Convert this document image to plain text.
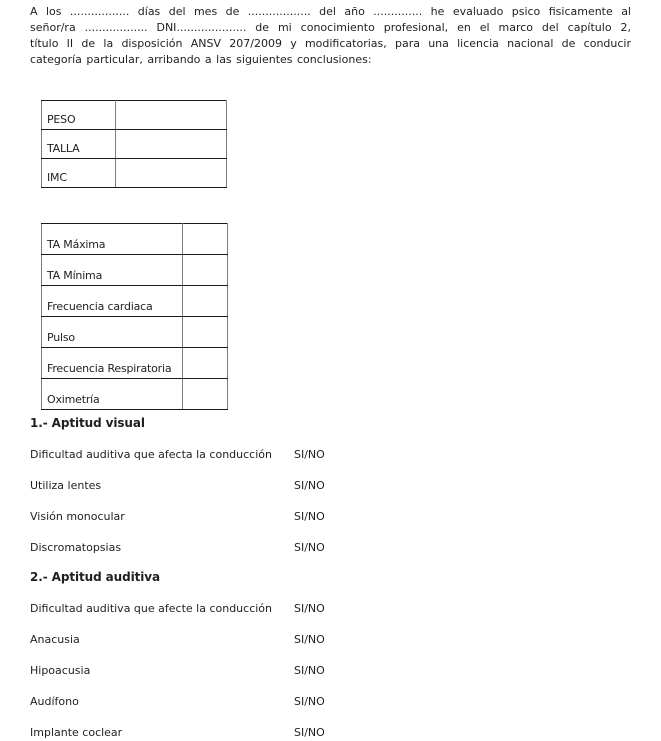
A los ................. días del mes de .................. del año .............. he evaluado psico fisicamente al
señor/ra .................. DNI.................... de mi conocimiento profesional, en el marco del capítulo 2,
título II de la disposición ANSV 207/2009 y modificatorias, para una licencia nacional de conducir
categoría particular, arribando a las siguientes conclusiones:
PESO	
TALLA	
IMC	
TA Máxima	
TA Mínima	
Frecuencia cardiaca	
Pulso	
Frecuencia Respiratoria	
Oximetría	
1.- Aptitud visual
Dificultad auditiva que afecta la conducción	SI/NO
Utiliza lentes	SI/NO
Visión monocular	SI/NO
Discromatopsias	SI/NO
2.- Aptitud auditiva
Dificultad auditiva que afecte la conducción	SI/NO
Anacusia	SI/NO
Hipoacusia	SI/NO
Audífono	SI/NO
Implante coclear	SI/NO
